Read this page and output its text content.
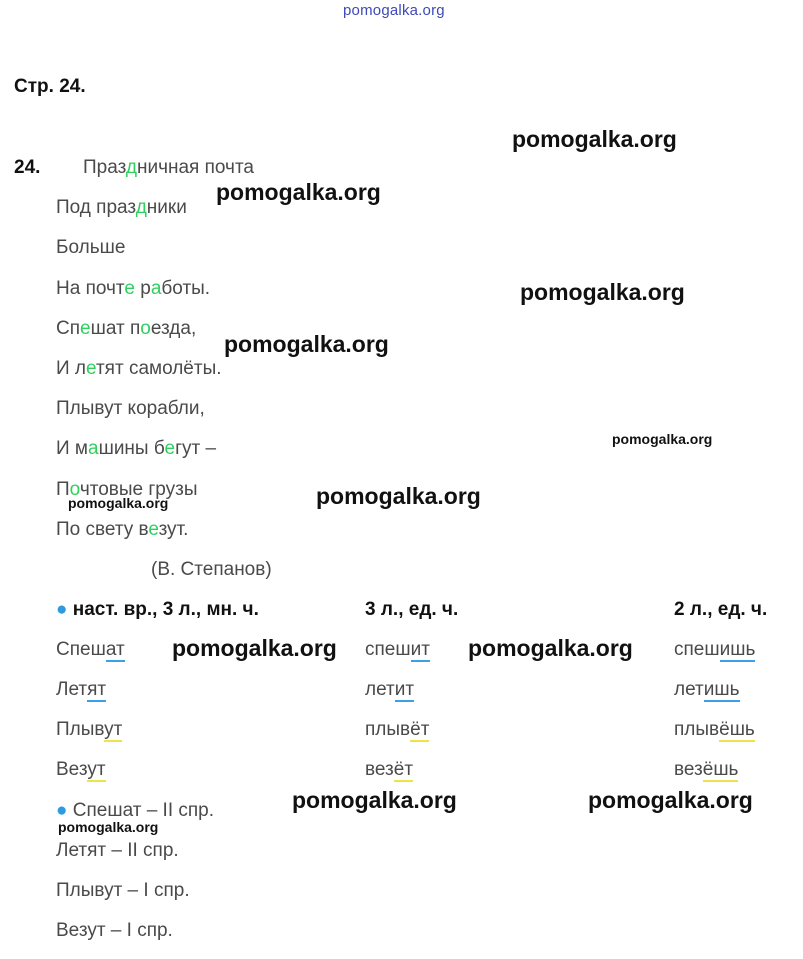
pomogalka.org
Стр. 24.
24. Праздничная почта
Под праздники
Больше
На почте работы.
Спешат поезда,
И летят самолёты.
Плывут корабли,
И машины бегут –
Почтовые грузы
По свету везут.
(В. Степанов)
● наст. вр., 3 л., мн. ч.	3 л., ед. ч.	2 л., ед. ч.
Спешат	спешит	спешишь
Летят	летит	летишь
Плывут	плывёт	плывёшь
Везут	везёт	везёшь
● Спешат – II спр.
Летят – II спр.
Плывут – I спр.
Везут – I спр.
pomogalka.org
pomogalka.org
pomogalka.org
pomogalka.org
pomogalka.org
pomogalka.org
pomogalka.org
pomogalka.org	pomogalka.org
pomogalka.org	pomogalka.org
pomogalka.org
